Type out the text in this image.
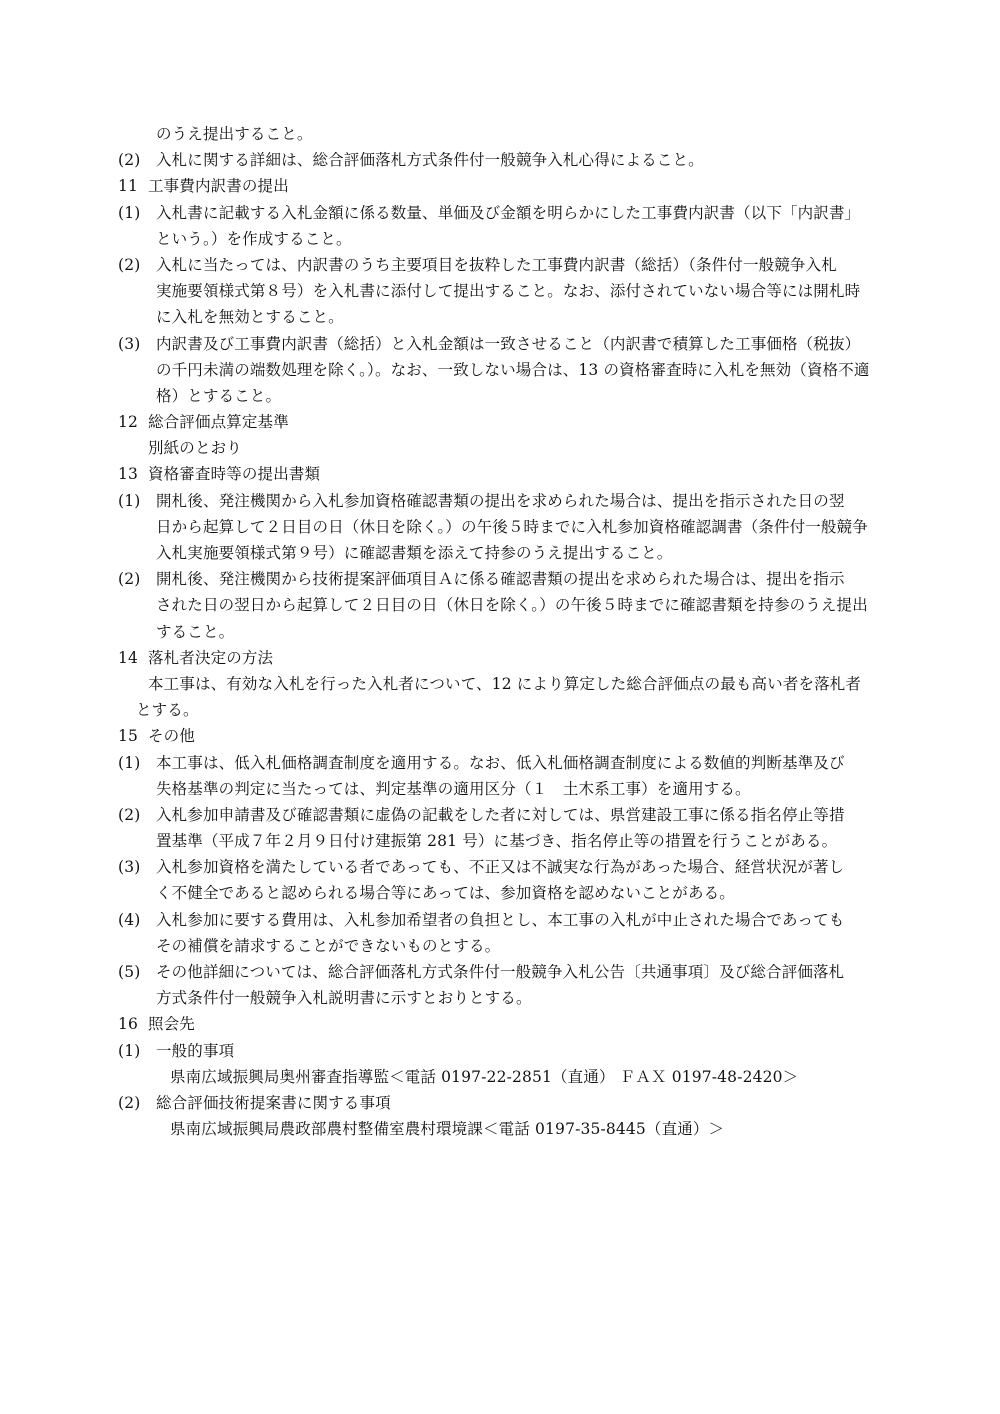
のうえ提出すること。
(2) 入札に関する詳細は、総合評価落札方式条件付一般競争入札心得によること。
11 工事費内訳書の提出
(1) 入札書に記載する入札金額に係る数量、単価及び金額を明らかにした工事費内訳書（以下「内訳書」
という。）を作成すること。
(2) 入札に当たっては、内訳書のうち主要項目を抜粋した工事費内訳書（総括）（条件付一般競争入札
実施要領様式第８号）を入札書に添付して提出すること。なお、添付されていない場合等には開札時
に入札を無効とすること。
(3) 内訳書及び工事費内訳書（総括）と入札金額は一致させること（内訳書で積算した工事価格（税抜）
の千円未満の端数処理を除く。）。なお、一致しない場合は、13 の資格審査時に入札を無効（資格不適
格）とすること。
12 総合評価点算定基準
別紙のとおり
13 資格審査時等の提出書類
(1) 開札後、発注機関から入札参加資格確認書類の提出を求められた場合は、提出を指示された日の翌
日から起算して２日目の日（休日を除く。）の午後５時までに入札参加資格確認調書（条件付一般競争
入札実施要領様式第９号）に確認書類を添えて持参のうえ提出すること。
(2) 開札後、発注機関から技術提案評価項目Ａに係る確認書類の提出を求められた場合は、提出を指示
された日の翌日から起算して２日目の日（休日を除く。）の午後５時までに確認書類を持参のうえ提出
すること。
14 落札者決定の方法
本工事は、有効な入札を行った入札者について、12 により算定した総合評価点の最も高い者を落札者
とする。
15 その他
(1) 本工事は、低入札価格調査制度を適用する。なお、低入札価格調査制度による数値的判断基準及び
失格基準の判定に当たっては、判定基準の適用区分（１　土木系工事）を適用する。
(2) 入札参加申請書及び確認書類に虚偽の記載をした者に対しては、県営建設工事に係る指名停止等措
置基準（平成７年２月９日付け建振第 281 号）に基づき、指名停止等の措置を行うことがある。
(3) 入札参加資格を満たしている者であっても、不正又は不誠実な行為があった場合、経営状況が著し
く不健全であると認められる場合等にあっては、参加資格を認めないことがある。
(4) 入札参加に要する費用は、入札参加希望者の負担とし、本工事の入札が中止された場合であっても
その補償を請求することができないものとする。
(5) その他詳細については、総合評価落札方式条件付一般競争入札公告〔共通事項〕及び総合評価落札
方式条件付一般競争入札説明書に示すとおりとする。
16 照会先
(1) 一般的事項
県南広域振興局奥州審査指導監＜電話 0197-22-2851（直通） ＦＡＸ 0197-48-2420＞
(2) 総合評価技術提案書に関する事項
県南広域振興局農政部農村整備室農村環境課＜電話 0197-35-8445（直通）＞
